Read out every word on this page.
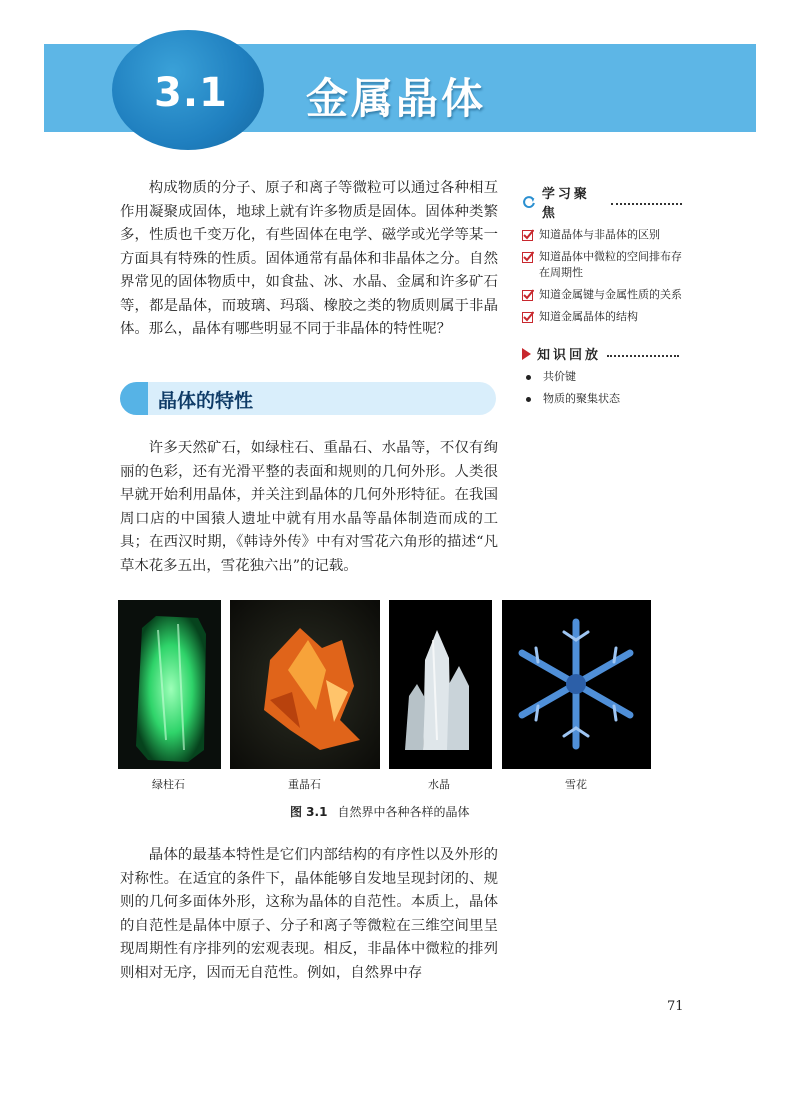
3.1 金属晶体

构成物质的分子、原子和离子等微粒可以通过各种相互作用凝聚成固体，地球上就有许多物质是固体。固体种类繁多，性质也千变万化，有些固体在电学、磁学或光学等某一方面具有特殊的性质。固体通常有晶体和非晶体之分。自然界常见的固体物质中，如食盐、冰、水晶、金属和许多矿石等，都是晶体，而玻璃、玛瑙、橡胶之类的物质则属于非晶体。那么，晶体有哪些明显不同于非晶体的特性呢？

学习聚焦
知道晶体与非晶体的区别
知道晶体中微粒的空间排布存在周期性
知道金属键与金属性质的关系
知道金属晶体的结构
知识回放
共价键
物质的聚集状态
晶体的特性

许多天然矿石，如绿柱石、重晶石、水晶等，不仅有绚丽的色彩，还有光滑平整的表面和规则的几何外形。人类很早就开始利用晶体，并关注到晶体的几何外形特征。在我国周口店的中国猿人遗址中就有用水晶等晶体制造而成的工具；在西汉时期，《韩诗外传》中有对雪花六角形的描述“凡草木花多五出，雪花独六出”的记载。

绿柱石	重晶石	水晶	雪花
图 3.1 自然界中各种各样的晶体

晶体的最基本特性是它们内部结构的有序性以及外形的对称性。在适宜的条件下，晶体能够自发地呈现封闭的、规则的几何多面体外形，这称为晶体的自范性。本质上，晶体的自范性是晶体中原子、分子和离子等微粒在三维空间里呈现周期性有序排列的宏观表现。相反，非晶体中微粒的排列则相对无序，因而无自范性。例如，自然界中存

71
